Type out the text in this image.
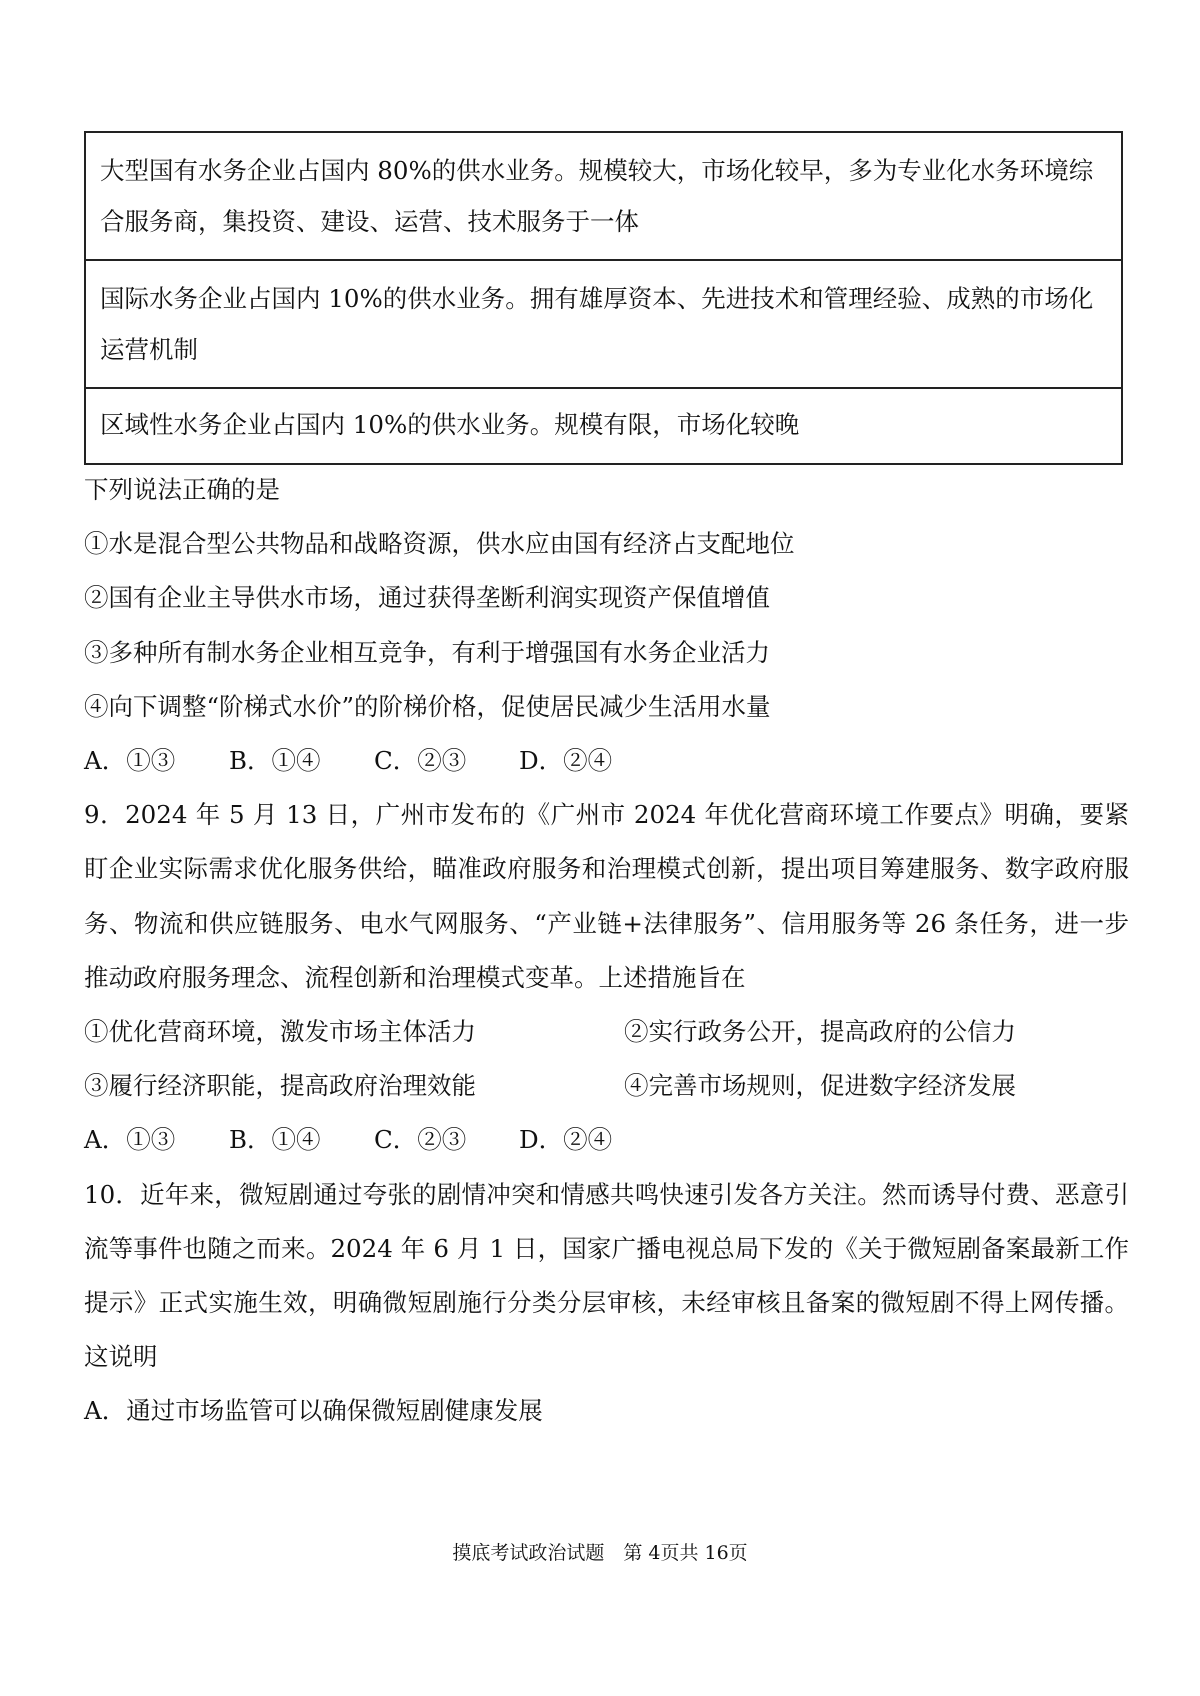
大型国有水务企业占国内 80%的供水业务。规模较大，市场化较早，多为专业化水务环境综合服务商，集投资、建设、运营、技术服务于一体
国际水务企业占国内 10%的供水业务。拥有雄厚资本、先进技术和管理经验、成熟的市场化运营机制
区域性水务企业占国内 10%的供水业务。规模有限，市场化较晚
下列说法正确的是
①水是混合型公共物品和战略资源，供水应由国有经济占支配地位
②国有企业主导供水市场，通过获得垄断利润实现资产保值增值
③多种所有制水务企业相互竞争，有利于增强国有水务企业活力
④向下调整“阶梯式水价”的阶梯价格，促使居民减少生活用水量
A．①③ B．①④ C．②③ D．②④
9．2024 年 5 月 13 日，广州市发布的《广州市 2024 年优化营商环境工作要点》明确，要紧盯企业实际需求优化服务供给，瞄准政府服务和治理模式创新，提出项目筹建服务、数字政府服务、物流和供应链服务、电水气网服务、“产业链+法律服务”、信用服务等 26 条任务，进一步推动政府服务理念、流程创新和治理模式变革。上述措施旨在
①优化营商环境，激发市场主体活力	②实行政务公开，提高政府的公信力
③履行经济职能，提高政府治理效能	④完善市场规则，促进数字经济发展
A．①③ B．①④ C．②③ D．②④
10．近年来，微短剧通过夸张的剧情冲突和情感共鸣快速引发各方关注。然而诱导付费、恶意引流等事件也随之而来。2024 年 6 月 1 日，国家广播电视总局下发的《关于微短剧备案最新工作提示》正式实施生效，明确微短剧施行分类分层审核，未经审核且备案的微短剧不得上网传播。这说明
A．通过市场监管可以确保微短剧健康发展
摸底考试政治试题　第 4页共 16页
